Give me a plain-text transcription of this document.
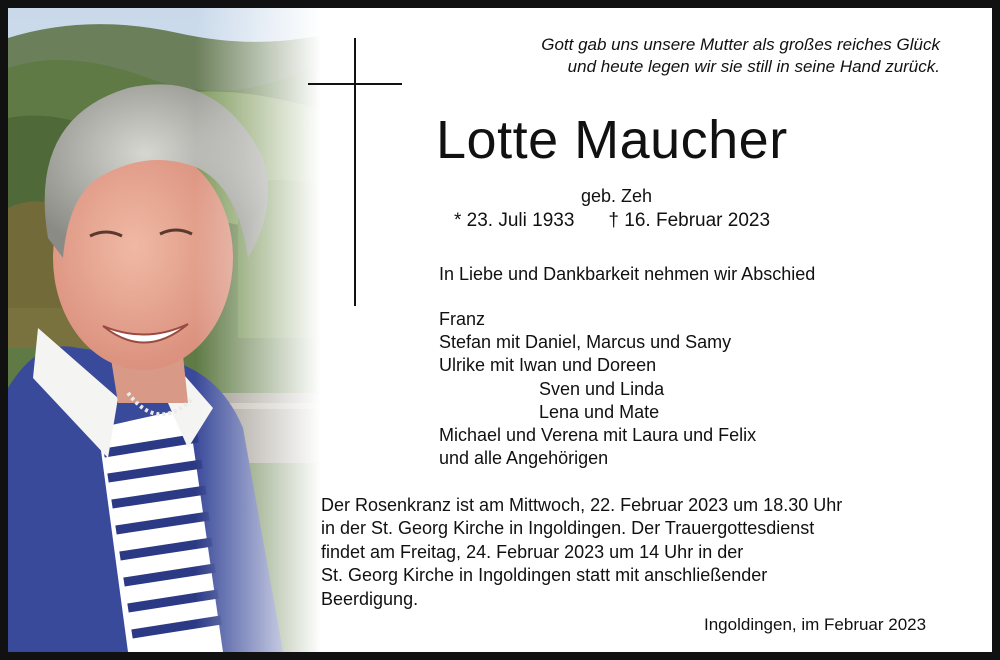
Gott gab uns unsere Mutter als großes reiches Glück
und heute legen wir sie still in seine Hand zurück.
Lotte Maucher
geb. Zeh
* 23. Juli 1933 † 16. Februar 2023
In Liebe und Dankbarkeit nehmen wir Abschied
Franz
Stefan mit Daniel, Marcus und Samy
Ulrike mit Iwan und Doreen
Sven und Linda
Lena und Mate
Michael und Verena mit Laura und Felix
und alle Angehörigen
Der Rosenkranz ist am Mittwoch, 22. Februar 2023 um 18.30 Uhr
in der St. Georg Kirche in Ingoldingen. Der Trauergottesdienst
findet am Freitag, 24. Februar 2023 um 14 Uhr in der
St. Georg Kirche in Ingoldingen statt mit anschließender
Beerdigung.
Ingoldingen, im Februar 2023
